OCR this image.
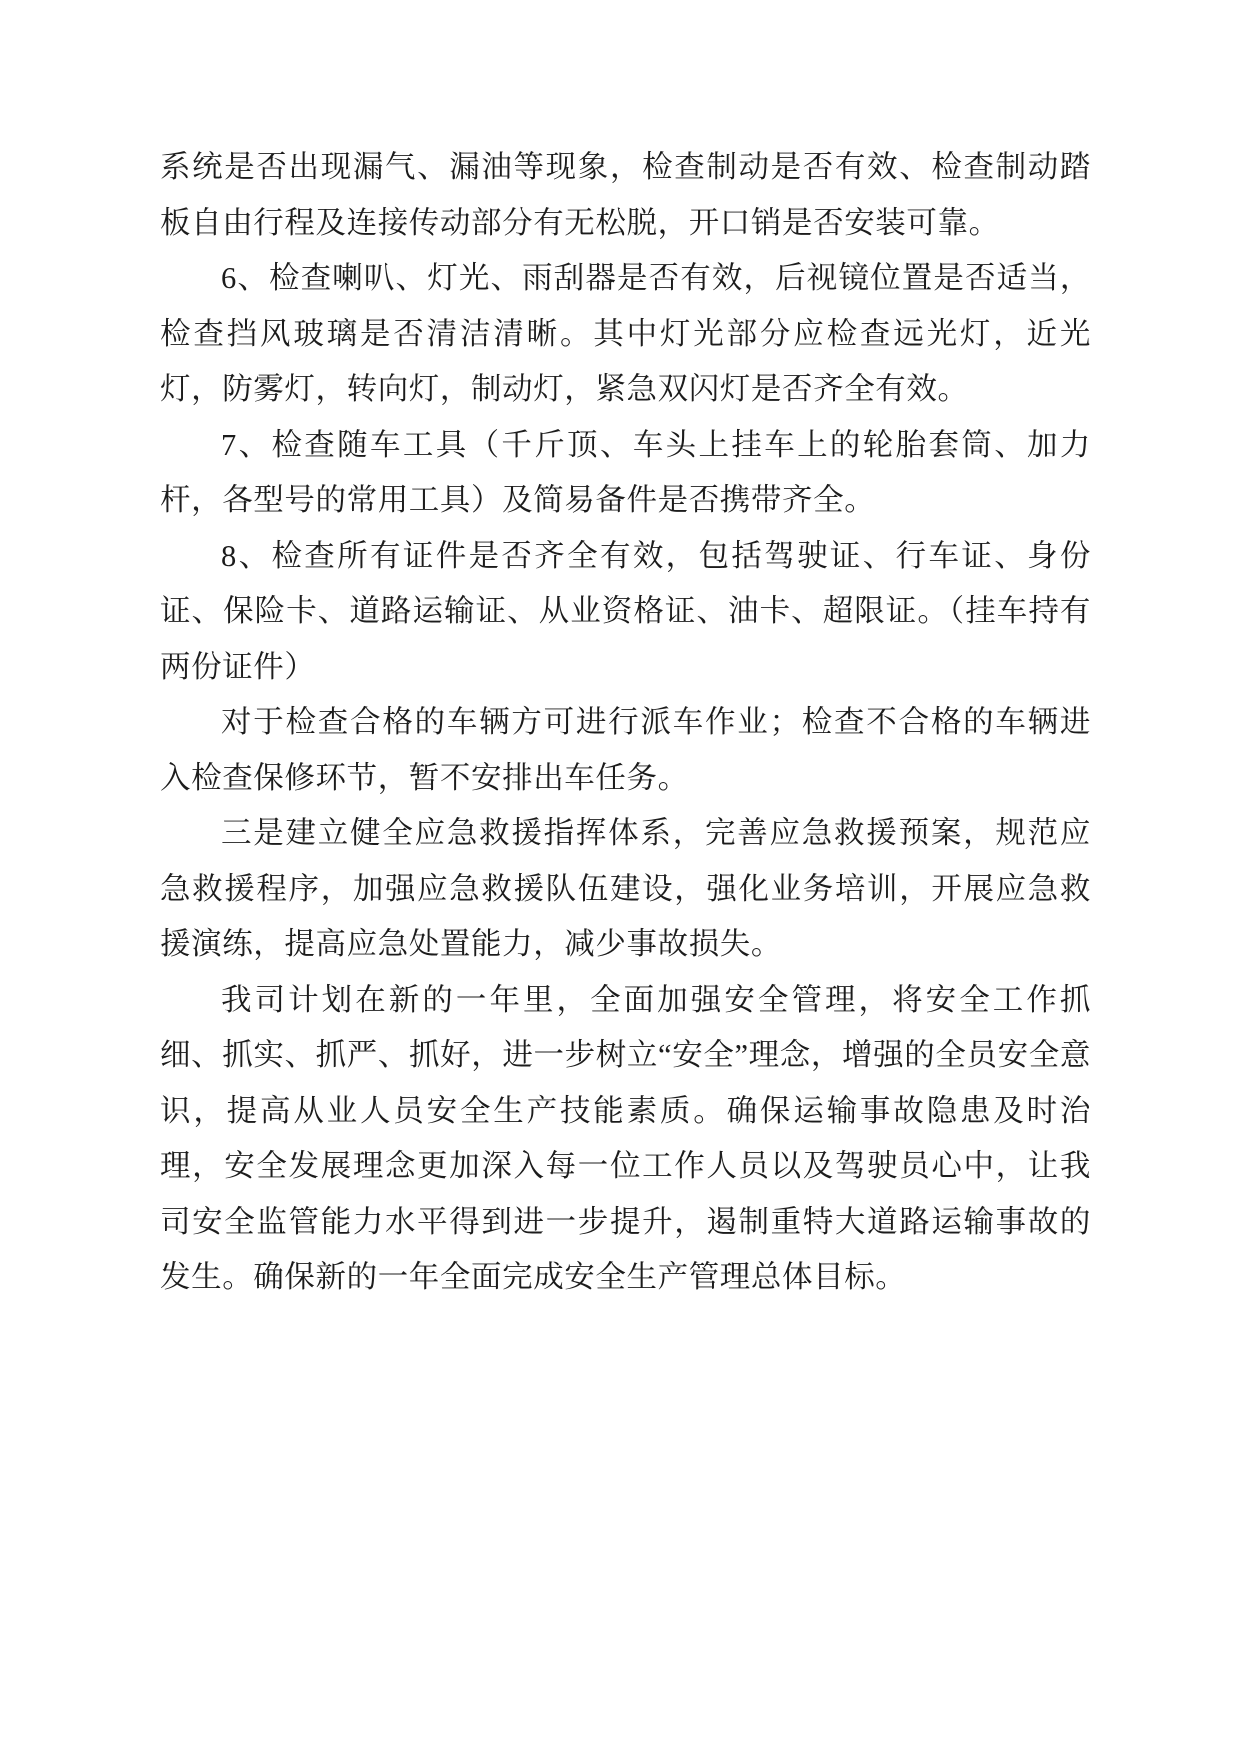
系统是否出现漏气、漏油等现象，检查制动是否有效、检查制动踏板自由行程及连接传动部分有无松脱，开口销是否安装可靠。

6、检查喇叭、灯光、雨刮器是否有效，后视镜位置是否适当，检查挡风玻璃是否清洁清晰。其中灯光部分应检查远光灯，近光灯，防雾灯，转向灯，制动灯，紧急双闪灯是否齐全有效。

7、检查随车工具（千斤顶、车头上挂车上的轮胎套筒、加力杆，各型号的常用工具）及简易备件是否携带齐全。

8、检查所有证件是否齐全有效，包括驾驶证、行车证、身份证、保险卡、道路运输证、从业资格证、油卡、超限证。（挂车持有两份证件）

对于检查合格的车辆方可进行派车作业；检查不合格的车辆进入检查保修环节，暂不安排出车任务。

三是建立健全应急救援指挥体系，完善应急救援预案，规范应急救援程序，加强应急救援队伍建设，强化业务培训，开展应急救援演练，提高应急处置能力，减少事故损失。

我司计划在新的一年里，全面加强安全管理，将安全工作抓细、抓实、抓严、抓好，进一步树立“安全”理念，增强的全员安全意识，提高从业人员安全生产技能素质。确保运输事故隐患及时治理，安全发展理念更加深入每一位工作人员以及驾驶员心中，让我司安全监管能力水平得到进一步提升，遏制重特大道路运输事故的发生。确保新的一年全面完成安全生产管理总体目标。
